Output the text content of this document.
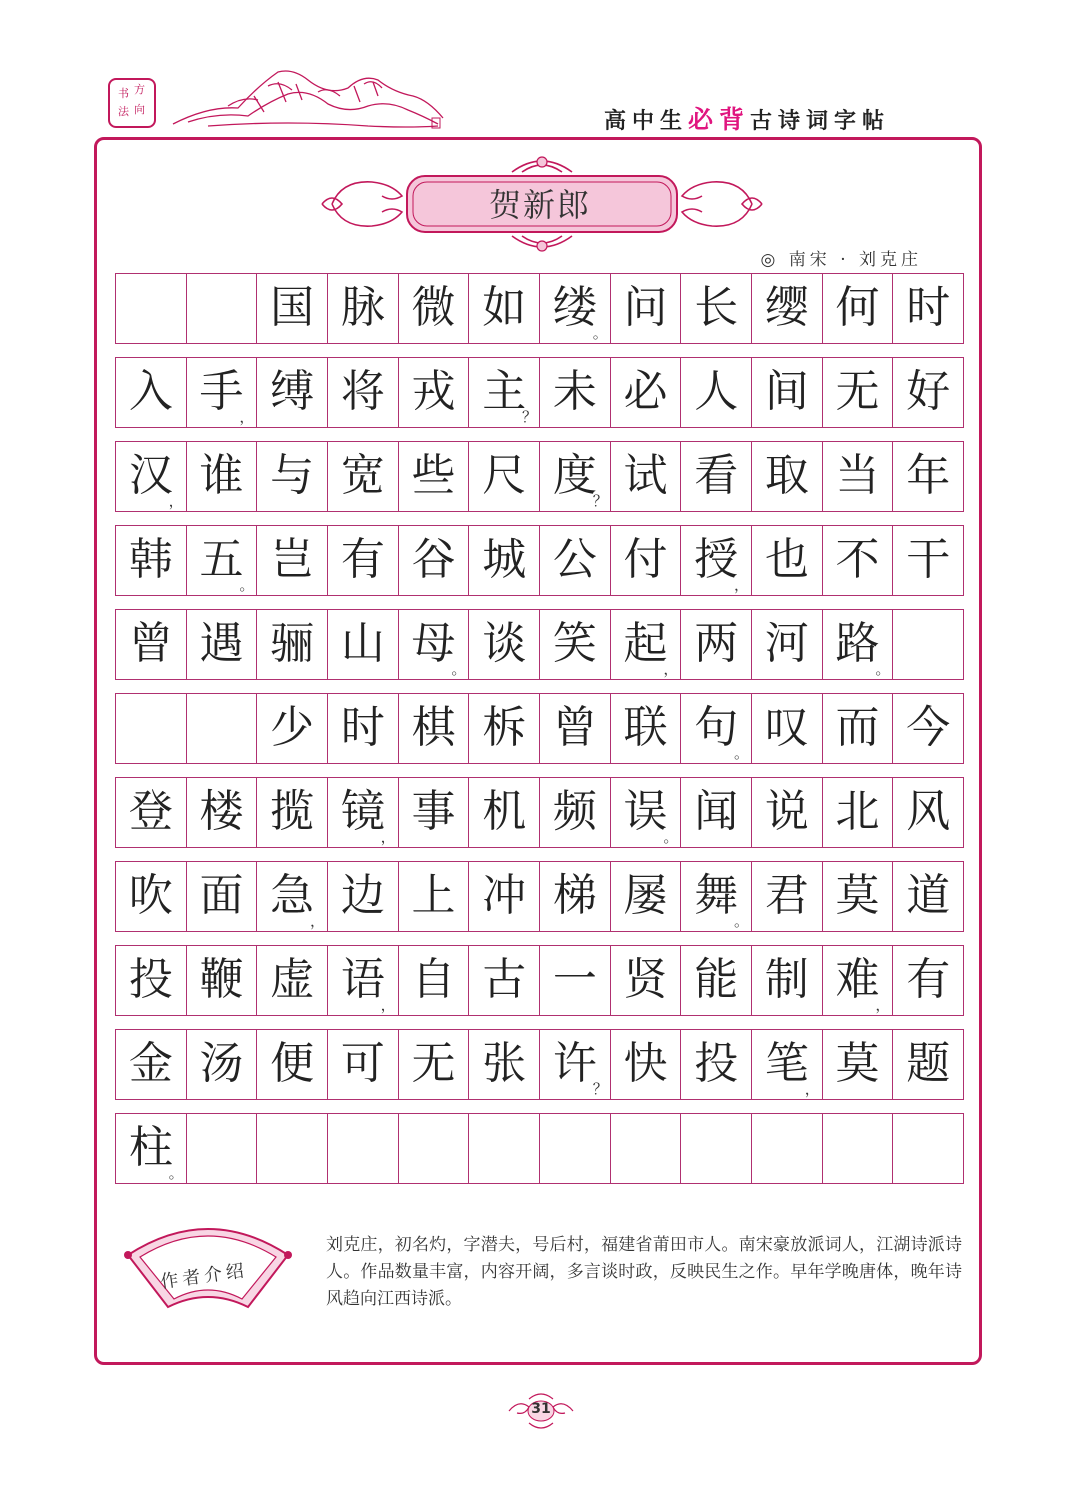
书 方
法 向	高中生必背古诗词字帖
贺新郎
◎ 南宋 · 刘克庄
国 脉 微 如 缕
。 问 长 缨 何 时
入 手
， 缚 将 戎 主
？ 未 必 人 间 无 好
汉
， 谁 与 宽 些 尺 度
？ 试 看 取 当 年
韩 五
。 岂 有 谷 城 公 付 授
， 也 不 干
曾 遇 骊 山 母
。 谈 笑 起
， 两 河 路
。
少 时 棋 柝 曾 联 句
。 叹 而 今
登 楼 揽 镜
， 事 机 频 误
。 闻 说 北 风
吹 面 急
， 边 上 冲 梯 屡 舞
。 君 莫 道
投 鞭 虚 语
， 自 古 一 贤 能 制 难
， 有
金 汤 便 可 无 张 许
？ 快 投 笔
， 莫 题
柱
。
作者介绍
刘克庄，初名灼，字潜夫，号后村，福建省莆田市人。南宋豪放派词人，江湖诗派诗人。作品数量丰富，内容开阔，多言谈时政，反映民生之作。早年学晚唐体，晚年诗风趋向江西诗派。
31
